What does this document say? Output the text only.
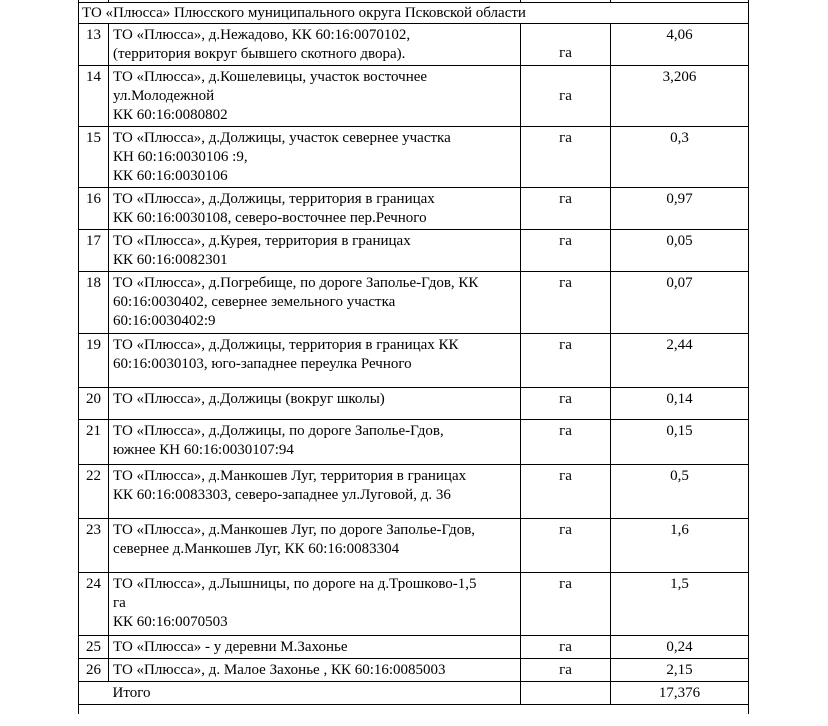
ТО «Плюсса» Плюсского муниципального округа Псковской области			
13	ТО «Плюсса», д.Нежадово, КК 60:16:0070102,
(территория вокруг бывшего скотного двора).	га	4,06
14	ТО «Плюсса», д.Кошелевицы, участок восточнее
ул.Молодежной
КК 60:16:0080802	га	3,206
15	ТО «Плюсса», д.Должицы, участок севернее участка
КН 60:16:0030106 :9,
КК 60:16:0030106	га	0,3
16	ТО «Плюсса», д.Должицы, территория в границах
КК 60:16:0030108, северо-восточнее пер.Речного	га	0,97
17	ТО «Плюсса», д.Курея, территория в границах
КК 60:16:0082301	га	0,05
18	ТО «Плюсса», д.Погребище, по дороге Заполье-Гдов, КК
60:16:0030402, севернее земельного участка
60:16:0030402:9	га	0,07
19	ТО «Плюсса», д.Должицы, территория в границах КК
60:16:0030103, юго-западнее переулка Речного	га	2,44
20	ТО «Плюсса», д.Должицы (вокруг школы)	га	0,14
21	ТО «Плюсса», д.Должицы, по дороге Заполье-Гдов,
южнее КН 60:16:0030107:94	га	0,15
22	ТО «Плюсса», д.Манкошев Луг, территория в границах
КК 60:16:0083303, северо-западнее ул.Луговой, д. 36	га	0,5
23	ТО «Плюсса», д.Манкошев Луг, по дороге Заполье-Гдов,
севернее д.Манкошев Луг, КК 60:16:0083304	га	1,6
24	ТО «Плюсса», д.Лышницы, по дороге на д.Трошково-1,5
га
КК 60:16:0070503	га	1,5
25	ТО «Плюсса» - у деревни М.Захонье	га	0,24
26	ТО «Плюсса», д. Малое Захонье , КК 60:16:0085003	га	2,15
	Итого		17,376
